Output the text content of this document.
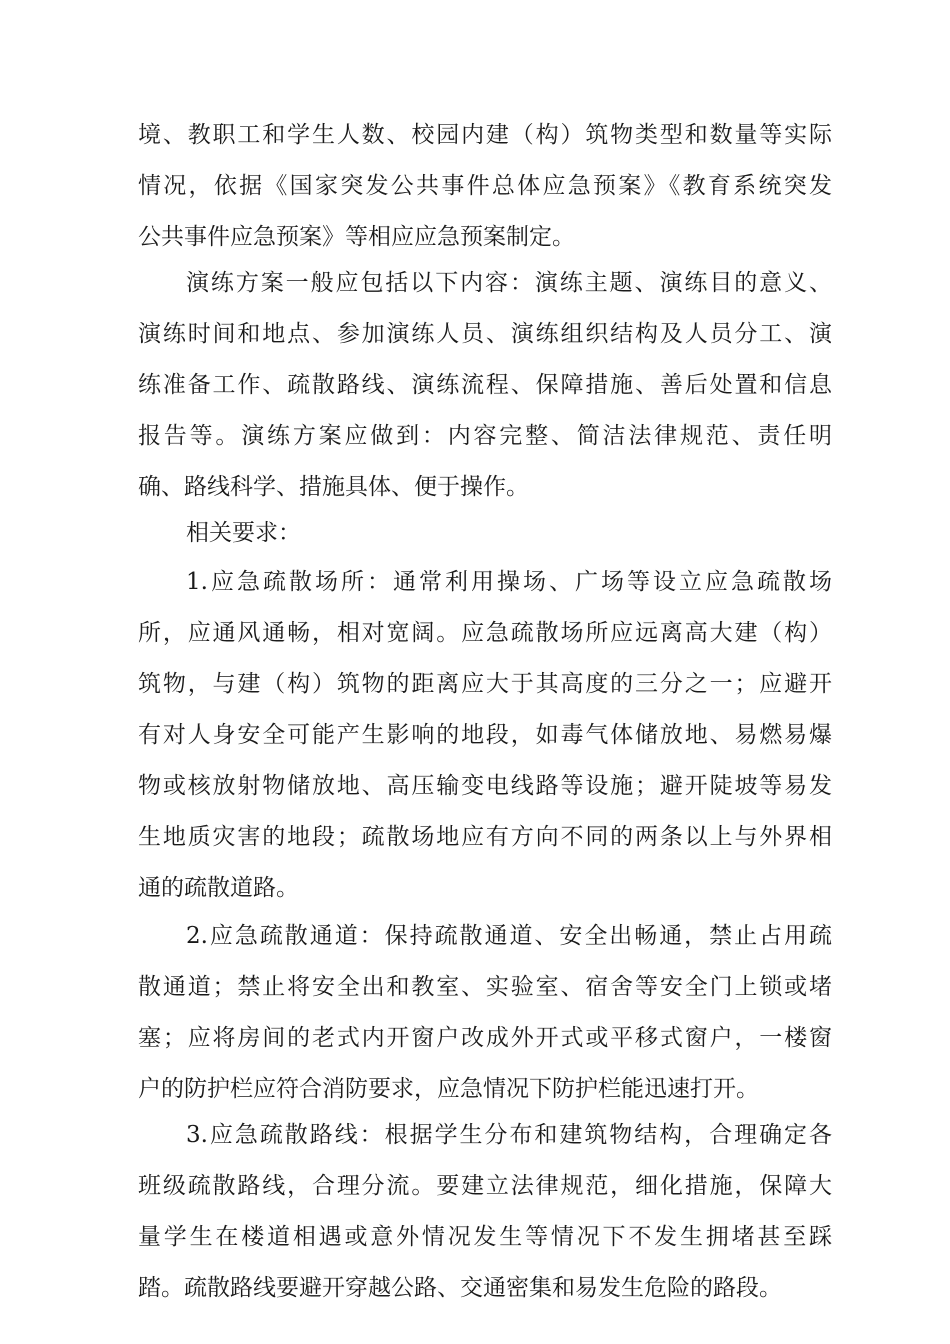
境、教职工和学生人数、校园内建（构）筑物类型和数量等实际
情况，依据《国家突发公共事件总体应急预案》《教育系统突发
公共事件应急预案》等相应应急预案制定。

演练方案一般应包括以下内容：演练主题、演练目的意义、
演练时间和地点、参加演练人员、演练组织结构及人员分工、演
练准备工作、疏散路线、演练流程、保障措施、善后处置和信息
报告等。演练方案应做到：内容完整、简洁法律规范、责任明
确、路线科学、措施具体、便于操作。

相关要求：

1.应急疏散场所：通常利用操场、广场等设立应急疏散场
所，应通风通畅，相对宽阔。应急疏散场所应远离高大建（构）
筑物，与建（构）筑物的距离应大于其高度的三分之一；应避开
有对人身安全可能产生影响的地段，如毒气体储放地、易燃易爆
物或核放射物储放地、高压输变电线路等设施；避开陡坡等易发
生地质灾害的地段；疏散场地应有方向不同的两条以上与外界相
通的疏散道路。

2.应急疏散通道：保持疏散通道、安全出畅通，禁止占用疏
散通道；禁止将安全出和教室、实验室、宿舍等安全门上锁或堵
塞；应将房间的老式内开窗户改成外开式或平移式窗户，一楼窗
户的防护栏应符合消防要求，应急情况下防护栏能迅速打开。

3.应急疏散路线：根据学生分布和建筑物结构，合理确定各
班级疏散路线，合理分流。要建立法律规范，细化措施，保障大
量学生在楼道相遇或意外情况发生等情况下不发生拥堵甚至踩
踏。疏散路线要避开穿越公路、交通密集和易发生危险的路段。
